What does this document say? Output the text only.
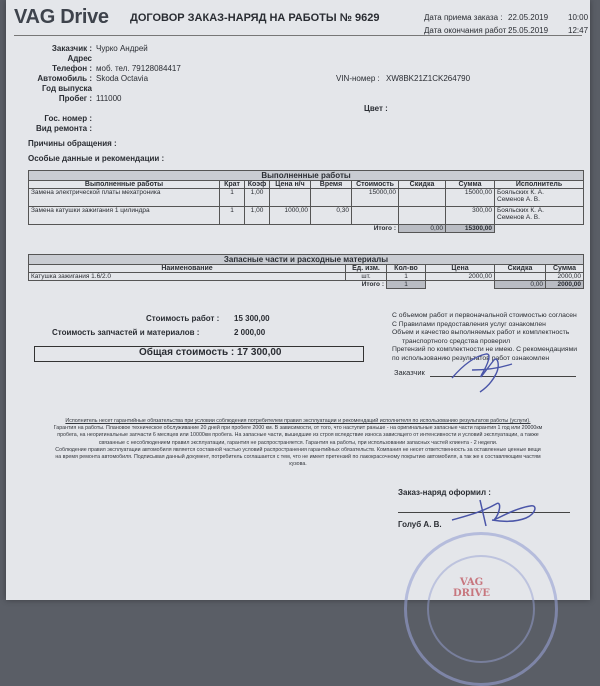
VAG Drive ДОГОВОР ЗАКАЗ-НАРЯД НА РАБОТЫ № 9629	Дата приема заказа : 22.05.2019 10:00
Дата окончания работ :25.05.2019 12:47
Заказчик : Чурко Андрей
Адрес
Телефон : моб. тел. 79128084417
Автомобиль : Skoda Octavia
Год выпуска
Пробег : 111000
VIN-номер : XW8BK21Z1CK264790
Цвет :
Гос. номер :
Вид ремонта :
Причины обращения :
Особые данные и рекомендации :
Выполненные работы								
Выполненные работы	Крат	Коэф	Цена н/ч	Время	Стоимость	Скидка	Сумма	Исполнитель
Замена электрической платы мехатроника	1	1,00			15000,00		15000,00	Бояльских К. А.
Семенов А. В.

Замена катушки зажигания 1 цилиндра	1	1,00	1000,00	0,30			300,00	Бояльских К. А.
Семенов А. В.

					Итого :	0,00	15300,00	
Запасные части и расходные материалы					
Наименование	Ед. изм.	Кол-во	Цена	Скидка	Сумма
Катушка зажигания 1.6/2.0	шт.	1	2000,00		2000,00
Итого :		1		0,00	2000,00
Стоимость работ : 15 300,00
Стоимость запчастей и материалов :	2 000,00
Общая стоимость : 17 300,00
С объемом работ и первоначальной стоимостью согласен
С Правилами предоставления услуг ознакомлен
Объем и качество выполняемых работ и комплектность
транспортного средства проверил
Претензий по комплектности не имею. С рекомендациями
по использованию результатов работ ознакомлен
Заказчик
Исполнитель несет гарантийные обязательства при условии соблюдения потребителем правил эксплуатации и рекомендаций исполнителя по использованию результатов работы (услуги).
Гарантия на работы. Плановое техническое обслуживание 20 дней при пробеге 2000 км. В зависимости, от того, что наступит раньше - на оригинальные запасные части гарантия 1 год или 20000км
пробега, на неоригинальные запчасти 6 месяцев или 10000км пробега. На запасные части, вышедшие из строя вследствие износа зависящего от интенсивности и условий эксплуатации, а также
связанные с несоблюдением правил эксплуатации, гарантия не распространяется. Гарантия на работы, при использовании запасных частей клиента - 2 недели.
Соблюдение правил эксплуатации автомобиля является составной частью условий распространения гарантийных обязательств. Компания не несет ответственность за оставленные ценные вещи
на время ремонта автомобиля. Подписывая данный документ, потребитель соглашается с тем, что не имеет претензий по лакокрасочному покрытию автомобиля, а так же к составляющим частям
кузова.
Заказ-наряд оформил :
Голуб А. В.
VAG
DRIVE
